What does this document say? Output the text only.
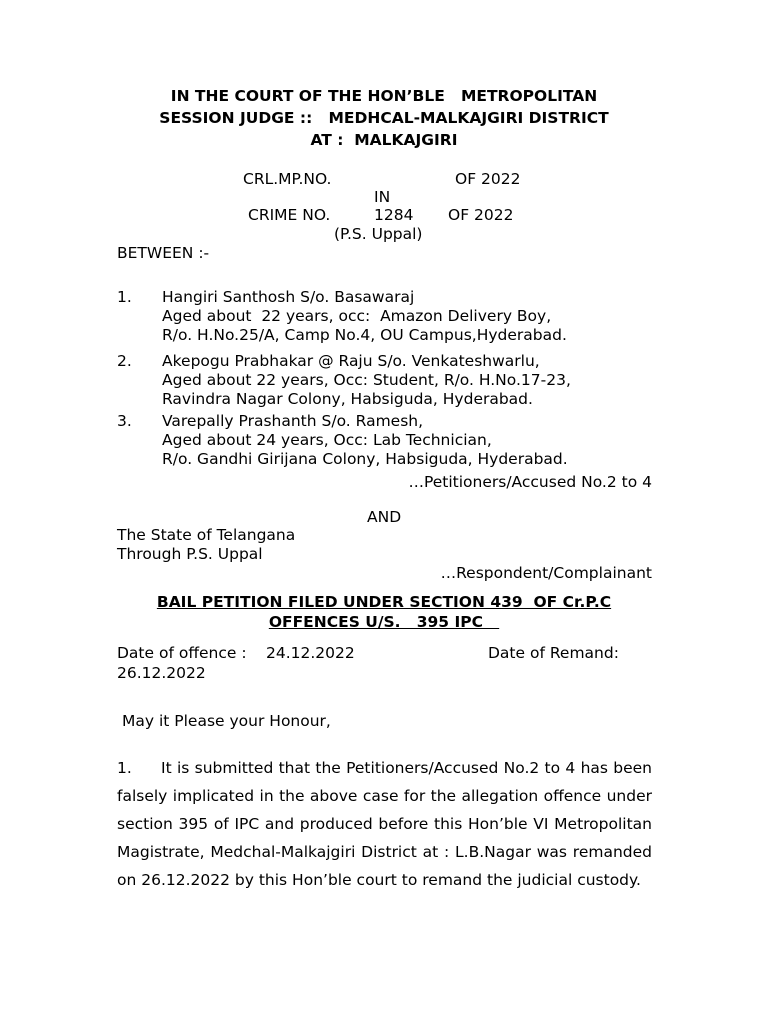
IN THE COURT OF THE HON’BLE   METROPOLITAN
SESSION JUDGE ::   MEDHCAL-MALKAJGIRI DISTRICT
AT :  MALKAJGIRI
CRL.MP.NO.	OF 2022
IN
CRIME NO.	1284 OF 2022
(P.S. Uppal)
BETWEEN :-
1. Hangiri Santhosh S/o. Basawaraj
Aged about  22 years, occ:  Amazon Delivery Boy,
R/o. H.No.25/A, Camp No.4, OU Campus,Hyderabad.
2. Akepogu Prabhakar @ Raju S/o. Venkateshwarlu,
Aged about 22 years, Occ: Student, R/o. H.No.17-23,
Ravindra Nagar Colony, Habsiguda, Hyderabad.
3. Varepally Prashanth S/o. Ramesh,
Aged about 24 years, Occ: Lab Technician,
R/o. Gandhi Girijana Colony, Habsiguda, Hyderabad.
…Petitioners/Accused No.2 to 4
AND
The State of Telangana
Through P.S. Uppal
…Respondent/Complainant
BAIL PETITION FILED UNDER SECTION 439  OF Cr.P.C
OFFENCES U/S.   395 IPC
Date of offence : 24.12.2022	Date of Remand:
26.12.2022
May it Please your Honour,
1. It is submitted that the Petitioners/Accused No.2 to 4 has been falsely implicated in the above case for the allegation offence under section 395 of IPC and produced before this Hon’ble VI Metropolitan Magistrate, Medchal-Malkajgiri District at : L.B.Nagar was remanded on 26.12.2022 by this Hon’ble court to remand the judicial custody.
